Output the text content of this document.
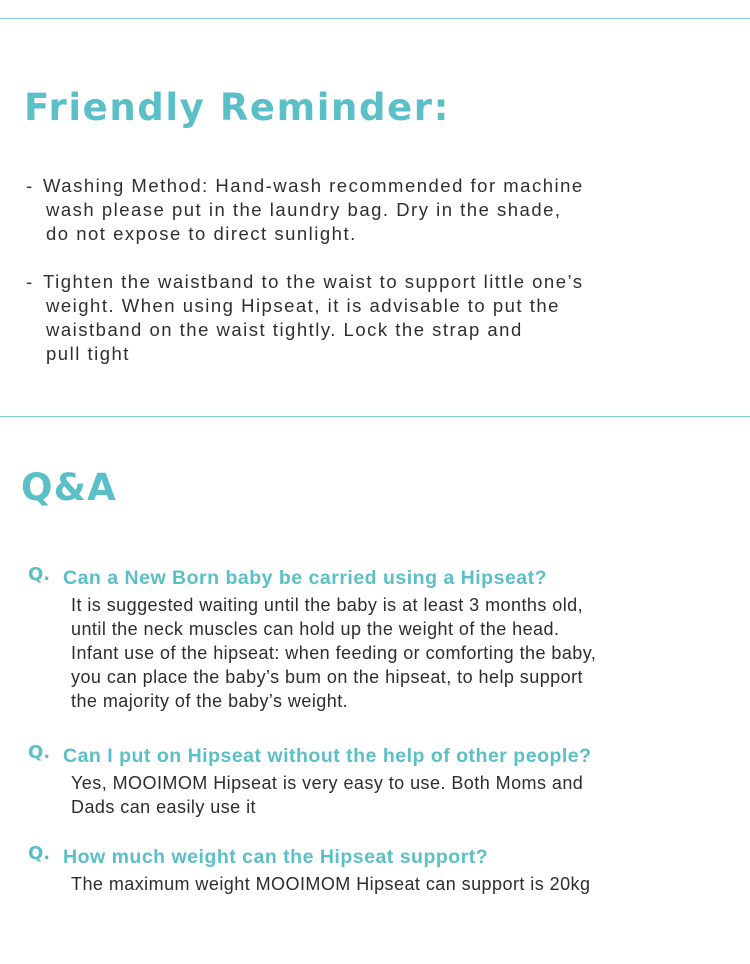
Friendly Reminder:
- Washing Method: Hand-wash recommended for machine
wash please put in the laundry bag. Dry in the shade,
do not expose to direct sunlight.
- Tighten the waistband to the waist to support little one’s
weight. When using Hipseat, it is advisable to put the
waistband on the waist tightly. Lock the strap and
pull tight
Q&A
Q. Can a New Born baby be carried using a Hipseat?
It is suggested waiting until the baby is at least 3 months old,
until the neck muscles can hold up the weight of the head.
Infant use of the hipseat: when feeding or comforting the baby,
you can place the baby’s bum on the hipseat, to help support
the majority of the baby’s weight.
Q. Can I put on Hipseat without the help of other people?
Yes, MOOIMOM Hipseat is very easy to use. Both Moms and
Dads can easily use it
Q. How much weight can the Hipseat support?
The maximum weight MOOIMOM Hipseat can support is 20kg
